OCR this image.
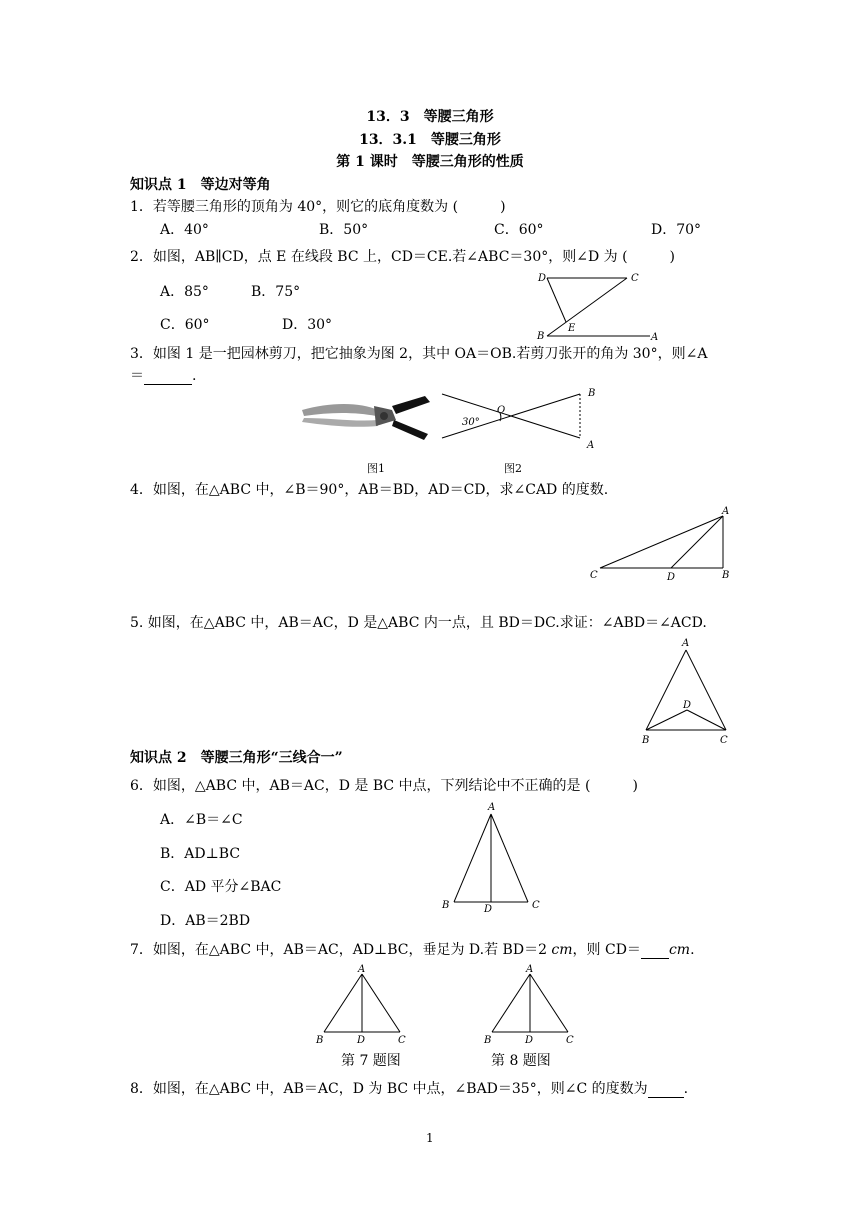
13．3　等腰三角形
13．3.1　等腰三角形
第 1 课时　等腰三角形的性质
知识点 1　等边对等角
1．若等腰三角形的顶角为 40°，则它的底角度数为 (　　　)
A．40°	B．50°	C．60°	D．70°
2．如图，AB∥CD，点 E 在线段 BC 上，CD＝CE.若∠ABC＝30°，则∠D 为 (　　　)
A．85°	B．75°
C．60°	D．30°
D	C
B
E
A
3．如图 1 是一把园林剪刀，把它抽象为图 2，其中 OA＝OB.若剪刀张开的角为 30°，则∠A
＝	.
图1
30°
O
B
A
图2
4．如图，在△ABC 中，∠B＝90°，AB＝BD，AD＝CD，求∠CAD 的度数.
A
C	D	B
5. 如图，在△ABC 中，AB＝AC，D 是△ABC 内一点，且 BD＝DC.求证：∠ABD＝∠ACD.
A
D
B	C
知识点 2　等腰三角形“三线合一”
6．如图，△ABC 中，AB＝AC，D 是 BC 中点，下列结论中不正确的是 (　　　)
A．∠B＝∠C
B．AD⊥BC
C．AD 平分∠BAC
D．AB＝2BD
A
B	D	C
7．如图，在△ABC 中，AB＝AC，AD⊥BC，垂足为 D.若 BD＝2 cm，则 CD＝ cm.
A
B	D	C
第 7 题图
A
B	D	C
第 8 题图
8．如图，在△ABC 中，AB＝AC，D 为 BC 中点，∠BAD＝35°，则∠C 的度数为	.
1
